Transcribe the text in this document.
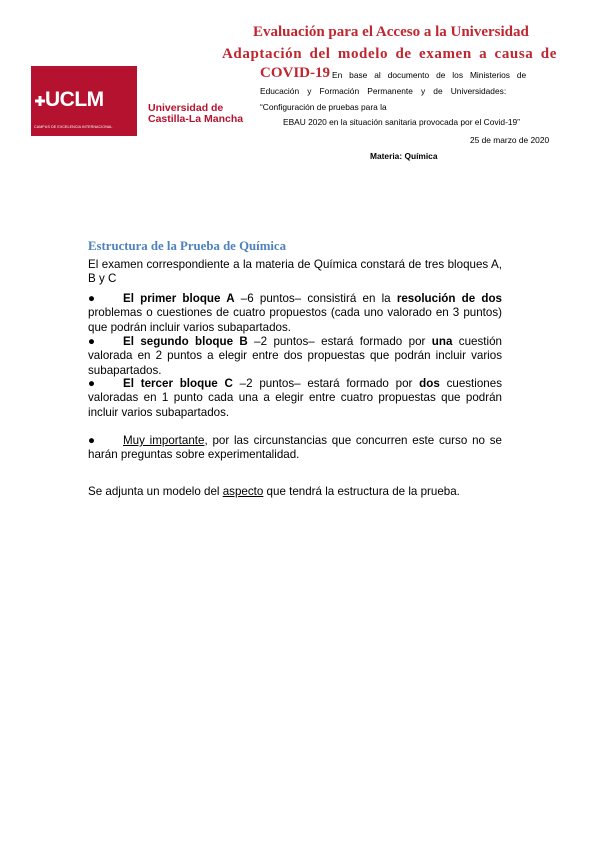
UCLM
CAMPUS DE EXCELENCIA INTERNACIONAL
Universidad de
Castilla-La Mancha
Evaluación para el Acceso a la Universidad
Adaptación del modelo de examen a causa de
COVID-19 En base al documento de los Ministerios de
Educación y Formación Permanente y de Universidades:
“Configuración de pruebas para la
EBAU 2020 en la situación sanitaria provocada por el Covid-19”
25 de marzo de 2020
Materia: Química
Estructura de la Prueba de Química
El examen correspondiente a la materia de Química constará de tres bloques A, B y C
● El primer bloque A –6 puntos– consistirá en la resolución de dos problemas o cuestiones de cuatro propuestos (cada uno valorado en 3 puntos) que podrán incluir varios subapartados.
● El segundo bloque B –2 puntos– estará formado por una cuestión valorada en 2 puntos a elegir entre dos propuestas que podrán incluir varios subapartados.
● El tercer bloque C –2 puntos– estará formado por dos cuestiones valoradas en 1 punto cada una a elegir entre cuatro propuestas que podrán incluir varios subapartados.
● Muy importante, por las circunstancias que concurren este curso no se harán preguntas sobre experimentalidad.
Se adjunta un modelo del aspecto que tendrá la estructura de la prueba.
